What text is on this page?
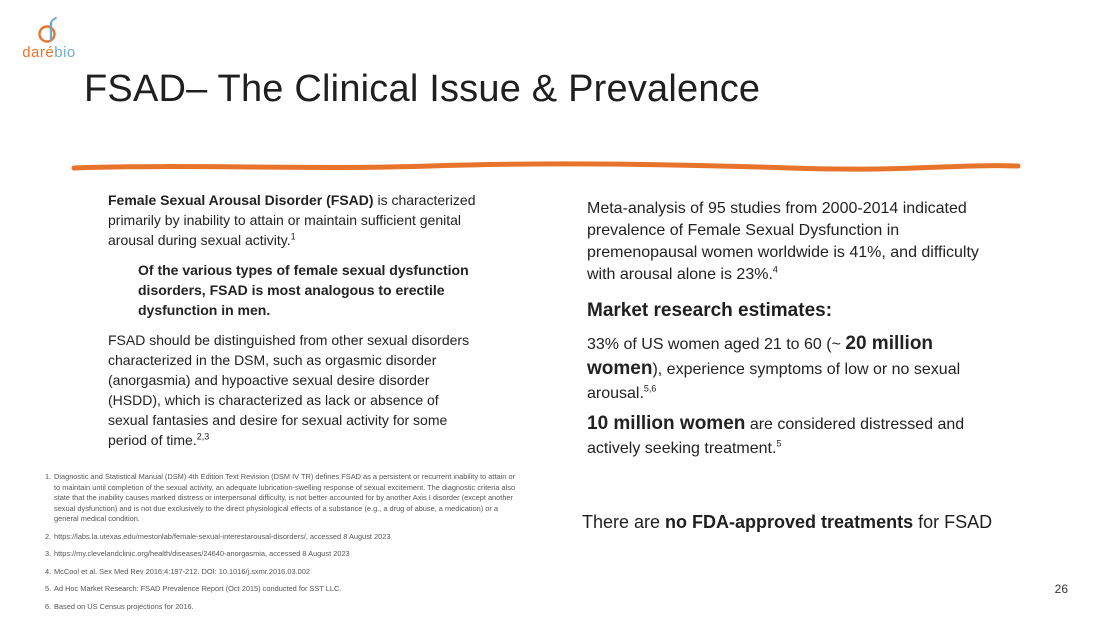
darébio
FSAD– The Clinical Issue & Prevalence

Female Sexual Arousal Disorder (FSAD) is characterized primarily by inability to attain or maintain sufficient genital arousal during sexual activity.$^1$

Of the various types of female sexual dysfunction disorders, FSAD is most analogous to erectile dysfunction in men.

FSAD should be distinguished from other sexual disorders characterized in the DSM, such as orgasmic disorder (anorgasmia) and hypoactive sexual desire disorder (HSDD), which is characterized as lack or absence of sexual fantasies and desire for sexual activity for some period of time.$^{2,3}$

1. Diagnostic and Statistical Manual (DSM) 4th Edition Text Revision (DSM IV TR) defines FSAD as a persistent or recurrent inability to attain or to maintain until completion of the sexual activity, an adequate lubrication-swelling response of sexual excitement. The diagnostic criteria also state that the inability causes marked distress or interpersonal difficulty, is not better accounted for by another Axis I disorder (except another sexual dysfunction) and is not due exclusively to the direct physiological effects of a substance (e.g., a drug of abuse, a medication) or a general medical condition.
2. https://labs.la.utexas.edu/mestonlab/female-sexual-interestarousal-disorders/, accessed 8 August 2023
3. https://my.clevelandclinic.org/health/diseases/24640-anorgasmia, accessed 8 August 2023
4. McCool et al. Sex Med Rev 2016;4:197-212. DOI: 10.1016/j.sxmr.2016.03.002
5. Ad Hoc Market Research: FSAD Prevalence Report (Oct 2015) conducted for SST LLC.
6. Based on US Census projections for 2016.

Meta-analysis of 95 studies from 2000-2014 indicated prevalence of Female Sexual Dysfunction in premenopausal women worldwide is 41%, and difficulty with arousal alone is 23%.$^4$

Market research estimates:

33% of US women aged 21 to 60 (~ 20 million women), experience symptoms of low or no sexual arousal.$^{5,6}$

10 million women are considered distressed and actively seeking treatment.$^5$

There are no FDA-approved treatments for FSAD
26
